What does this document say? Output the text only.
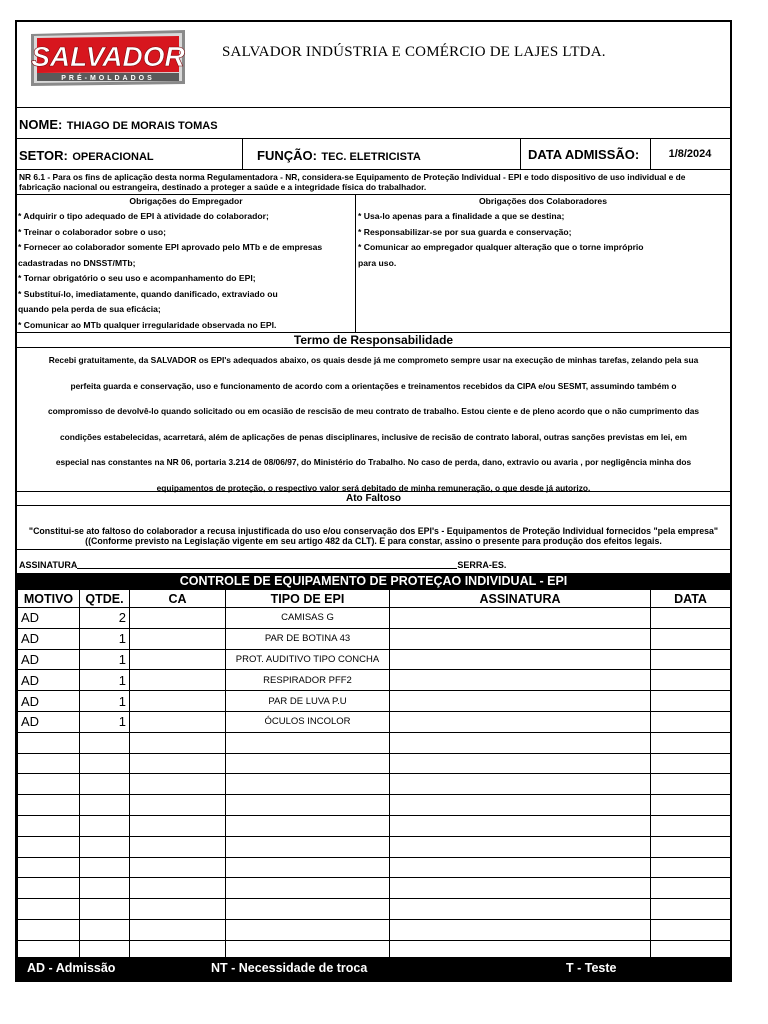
SALVADOR
PRÉ-MOLDADOS
SALVADOR INDÚSTRIA E COMÉRCIO DE LAJES LTDA.
NOME: THIAGO DE MORAIS TOMAS
SETOR: OPERACIONAL	FUNÇÃO: TEC. ELETRICISTA	DATA ADMISSÃO:	1/8/2024
NR 6.1 - Para os fins de aplicação desta norma Regulamentadora - NR, considera-se Equipamento de Proteção Individual - EPI e todo dispositivo de uso individual e de fabricação nacional ou estrangeira, destinado a proteger a saúde e a integridade física do trabalhador.
Obrigações do Empregador
* Adquirir o tipo adequado de EPI à atividade do colaborador;
* Treinar o colaborador sobre o uso;
* Fornecer ao colaborador somente EPI aprovado pelo MTb e de empresas
cadastradas no DNSST/MTb;
* Tornar obrigatório o seu uso e acompanhamento do EPI;
* Substituí-lo, imediatamente, quando danificado, extraviado ou
quando pela perda de sua eficácia;
* Comunicar ao MTb qualquer irregularidade observada no EPI.
Obrigações dos Colaboradores
* Usa-lo apenas para a finalidade a que se destina;
* Responsabilizar-se por sua guarda e conservação;
* Comunicar ao empregador qualquer alteração que o torne impróprio
para uso.
Termo de Responsabilidade
Recebi gratuitamente, da SALVADOR os EPI's adequados abaixo, os quais desde já me comprometo sempre usar na execução de minhas tarefas, zelando pela sua
perfeita guarda e conservação, uso e funcionamento de acordo com a orientações e treinamentos recebidos da CIPA e/ou SESMT, assumindo também o
compromisso de devolvê-lo quando solicitado ou em ocasião de rescisão de meu contrato de trabalho. Estou ciente e de pleno acordo que o não cumprimento das
condições estabelecidas, acarretará, além de aplicações de penas disciplinares, inclusive de recisão de contrato laboral, outras sanções previstas em lei, em
especial nas constantes na NR 06, portaria 3.214 de 08/06/97, do Ministério do Trabalho. No caso de perda, dano, extravio ou avaria , por negligência minha dos
equipamentos de proteção, o respectivo valor será debitado de minha remuneração, o que desde já autorizo.
Ato Faltoso
"Constitui-se ato faltoso do colaborador a recusa injustificada do uso e/ou conservação dos EPI's - Equipamentos de Proteção Individual fornecidos "pela empresa"
((Conforme previsto na Legislação vigente em seu artigo 482 da CLT). E para constar, assino o presente para produção dos efeitos legais.
ASSINATURA	SERRA-ES.
CONTROLE DE EQUIPAMENTO DE PROTEÇAO INDIVIDUAL - EPI
MOTIVO	QTDE.	CA	TIPO DE EPI	ASSINATURA	DATA
AD	2		CAMISAS G		
AD	1		PAR DE BOTINA 43		
AD	1		PROT. AUDITIVO TIPO CONCHA		
AD	1		RESPIRADOR PFF2		
AD	1		PAR DE LUVA P.U		
AD	1		ÓCULOS INCOLOR		

AD - Admissão	NT - Necessidade de troca	T - Teste
